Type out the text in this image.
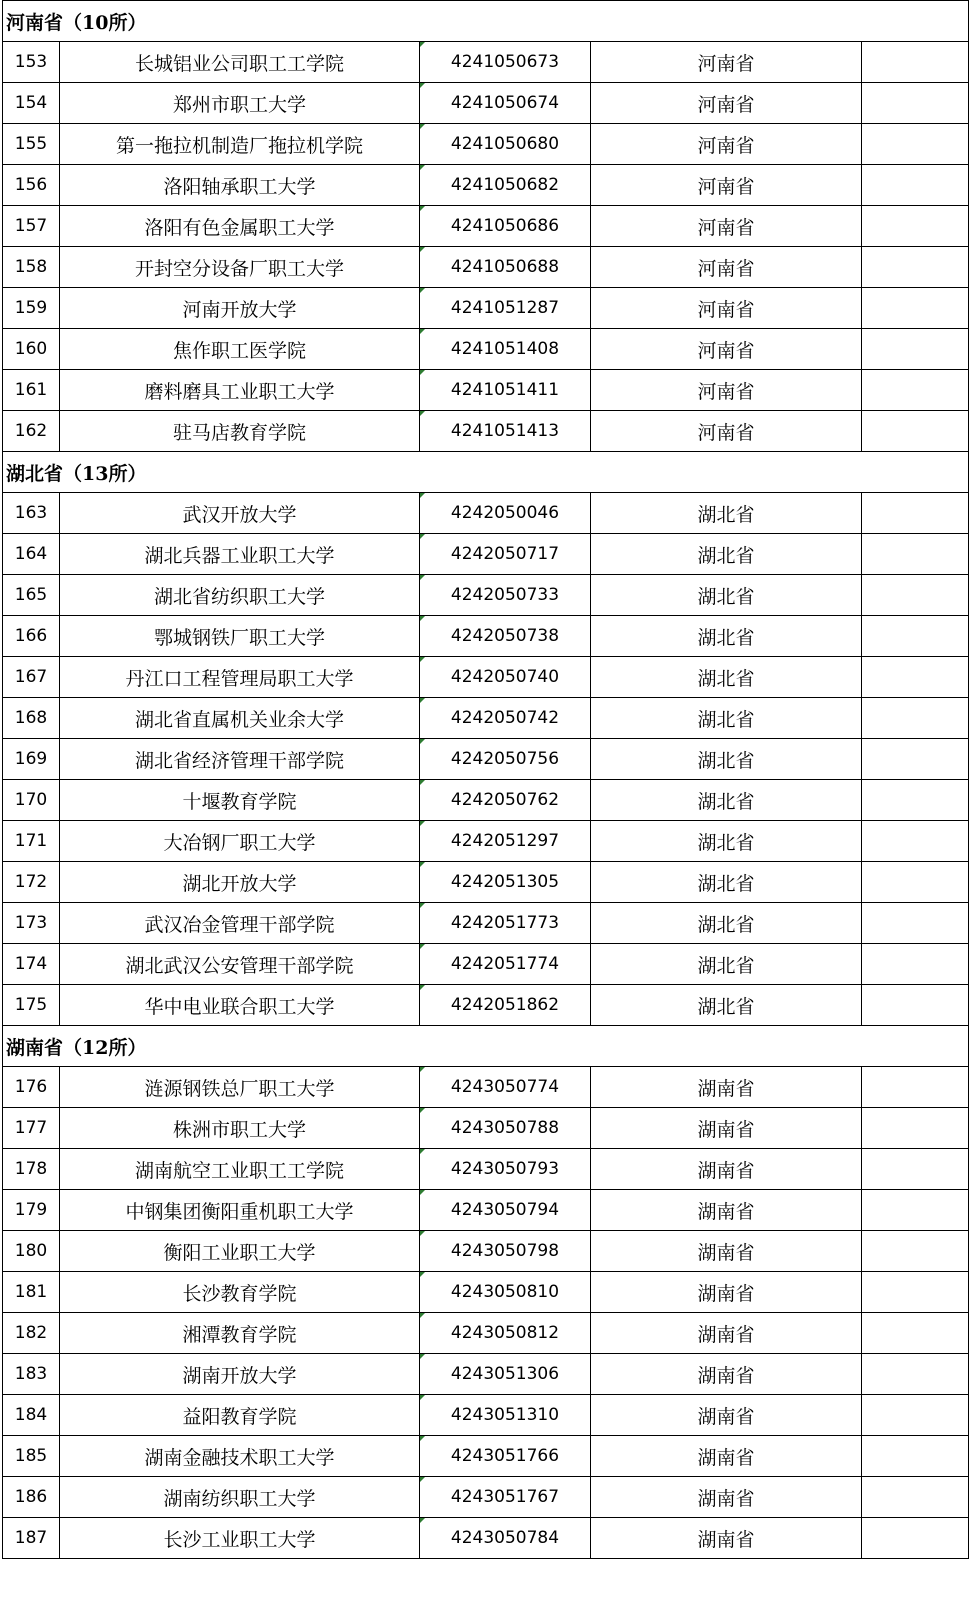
河南省（10所）				
153	长城铝业公司职工工学院	4241050673	河南省	
154	郑州市职工大学	4241050674	河南省	
155	第一拖拉机制造厂拖拉机学院	4241050680	河南省	
156	洛阳轴承职工大学	4241050682	河南省	
157	洛阳有色金属职工大学	4241050686	河南省	
158	开封空分设备厂职工大学	4241050688	河南省	
159	河南开放大学	4241051287	河南省	
160	焦作职工医学院	4241051408	河南省	
161	磨料磨具工业职工大学	4241051411	河南省	
162	驻马店教育学院	4241051413	河南省	
湖北省（13所）				
163	武汉开放大学	4242050046	湖北省	
164	湖北兵器工业职工大学	4242050717	湖北省	
165	湖北省纺织职工大学	4242050733	湖北省	
166	鄂城钢铁厂职工大学	4242050738	湖北省	
167	丹江口工程管理局职工大学	4242050740	湖北省	
168	湖北省直属机关业余大学	4242050742	湖北省	
169	湖北省经济管理干部学院	4242050756	湖北省	
170	十堰教育学院	4242050762	湖北省	
171	大冶钢厂职工大学	4242051297	湖北省	
172	湖北开放大学	4242051305	湖北省	
173	武汉冶金管理干部学院	4242051773	湖北省	
174	湖北武汉公安管理干部学院	4242051774	湖北省	
175	华中电业联合职工大学	4242051862	湖北省	
湖南省（12所）				
176	涟源钢铁总厂职工大学	4243050774	湖南省	
177	株洲市职工大学	4243050788	湖南省	
178	湖南航空工业职工工学院	4243050793	湖南省	
179	中钢集团衡阳重机职工大学	4243050794	湖南省	
180	衡阳工业职工大学	4243050798	湖南省	
181	长沙教育学院	4243050810	湖南省	
182	湘潭教育学院	4243050812	湖南省	
183	湖南开放大学	4243051306	湖南省	
184	益阳教育学院	4243051310	湖南省	
185	湖南金融技术职工大学	4243051766	湖南省	
186	湖南纺织职工大学	4243051767	湖南省	
187	长沙工业职工大学	4243050784	湖南省	
